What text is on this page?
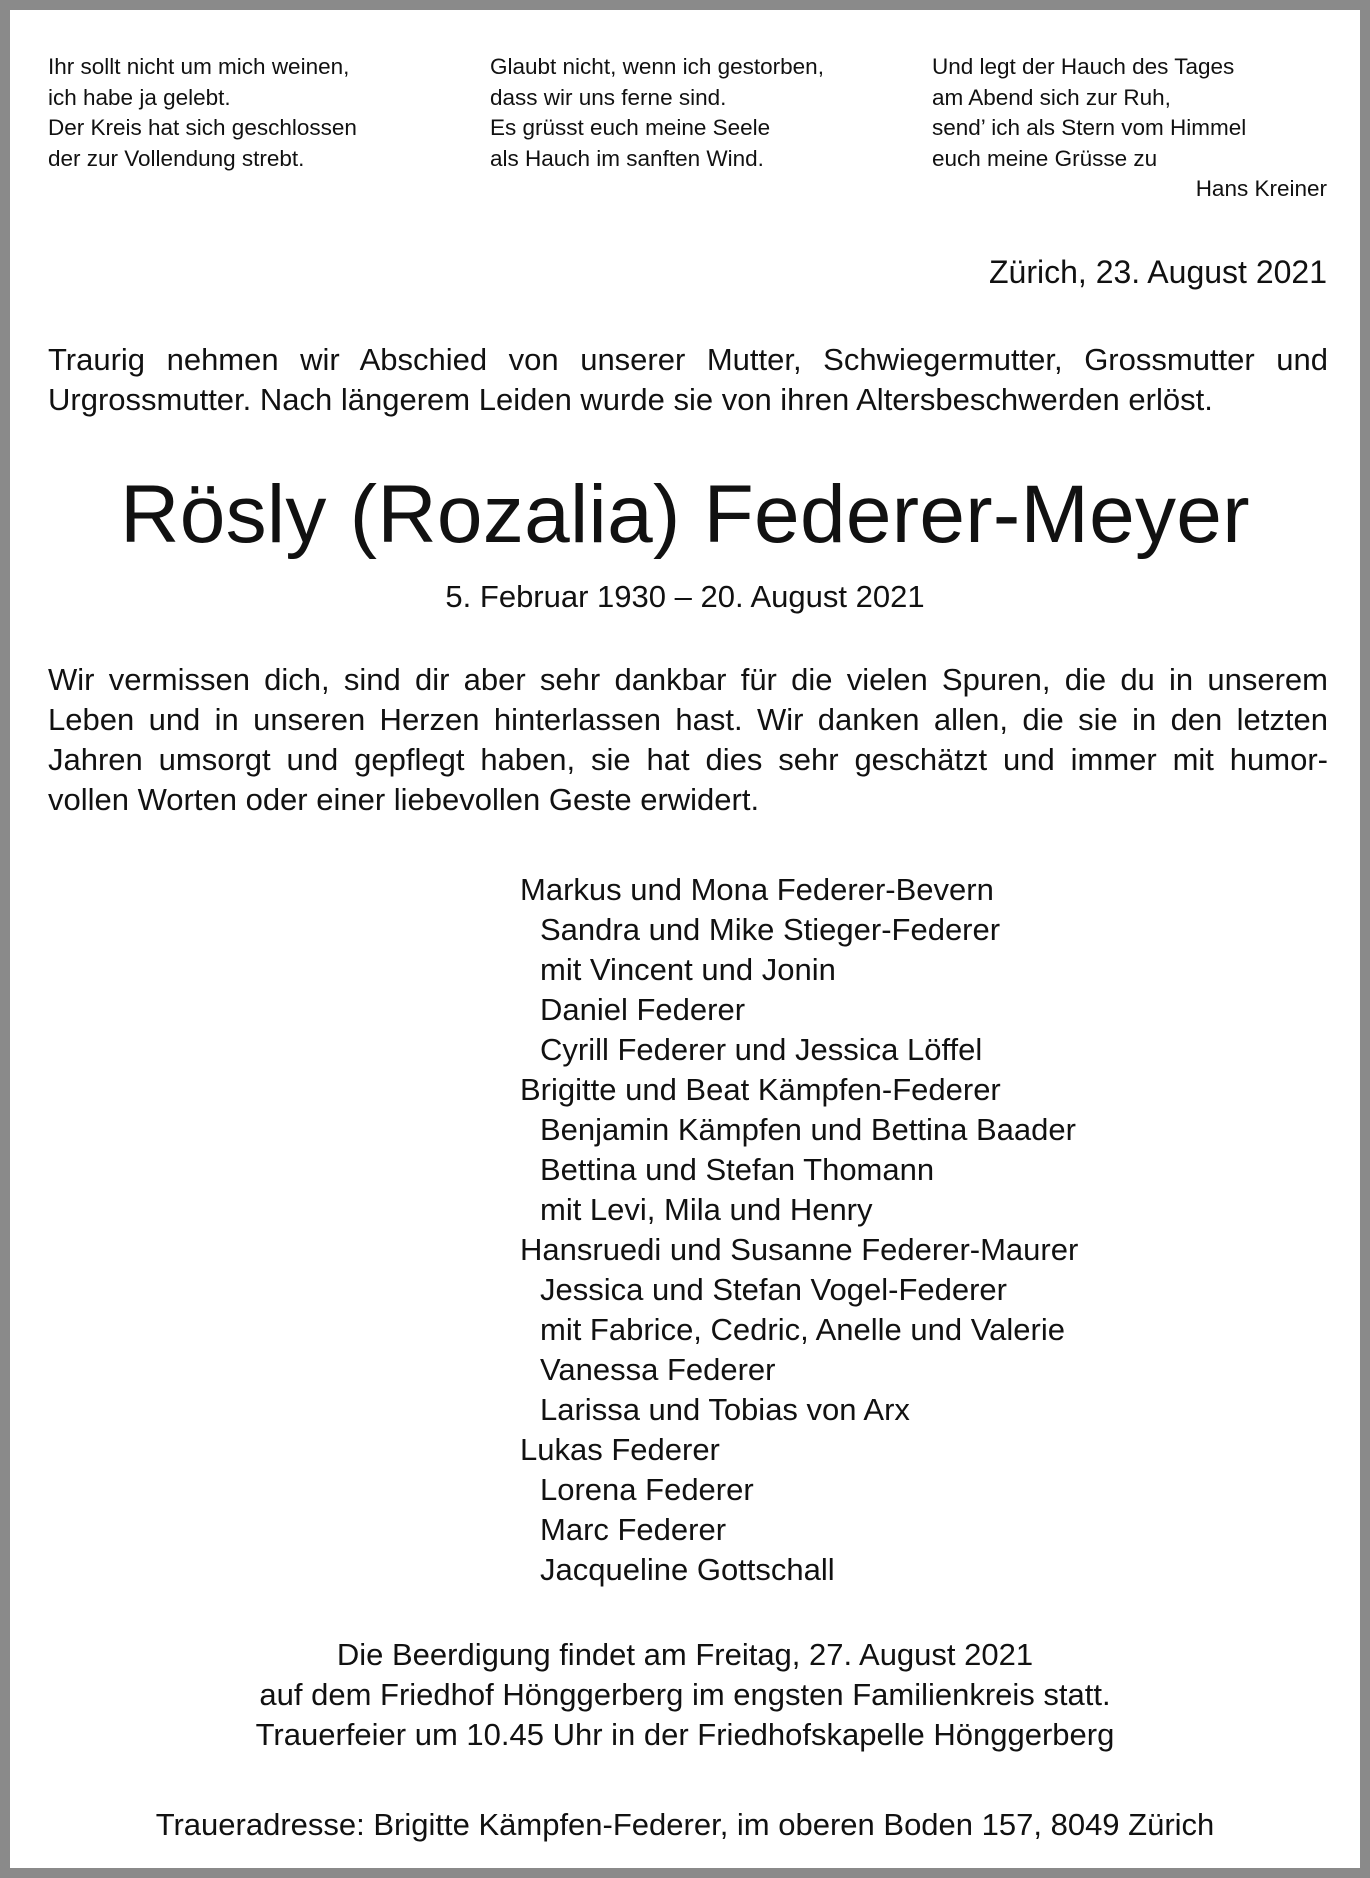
Ihr sollt nicht um mich weinen,
ich habe ja gelebt.
Der Kreis hat sich geschlossen
der zur Vollendung strebt.
Glaubt nicht, wenn ich gestorben,
dass wir uns ferne sind.
Es grüsst euch meine Seele
als Hauch im sanften Wind.
Und legt der Hauch des Tages
am Abend sich zur Ruh,
send’ ich als Stern vom Himmel
euch meine Grüsse zu
Hans Kreiner
Zürich, 23. August 2021
Traurig nehmen wir Abschied von unserer Mutter, Schwiegermutter, Grossmutter und
Urgrossmutter. Nach längerem Leiden wurde sie von ihren Altersbeschwerden erlöst.
Rösly (Rozalia) Federer-Meyer
5. Februar 1930 – 20. August 2021
Wir vermissen dich, sind dir aber sehr dankbar für die vielen Spuren, die du in unserem
Leben und in unseren Herzen hinterlassen hast. Wir danken allen, die sie in den letzten
Jahren umsorgt und gepflegt haben, sie hat dies sehr geschätzt und immer mit humor-
vollen Worten oder einer liebevollen Geste erwidert.
Markus und Mona Federer-Bevern
Sandra und Mike Stieger-Federer
mit Vincent und Jonin
Daniel Federer
Cyrill Federer und Jessica Löffel
Brigitte und Beat Kämpfen-Federer
Benjamin Kämpfen und Bettina Baader
Bettina und Stefan Thomann
mit Levi, Mila und Henry
Hansruedi und Susanne Federer-Maurer
Jessica und Stefan Vogel-Federer
mit Fabrice, Cedric, Anelle und Valerie
Vanessa Federer
Larissa und Tobias von Arx
Lukas Federer
Lorena Federer
Marc Federer
Jacqueline Gottschall
Die Beerdigung findet am Freitag, 27. August 2021
auf dem Friedhof Hönggerberg im engsten Familienkreis statt.
Trauerfeier um 10.45 Uhr in der Friedhofskapelle Hönggerberg
Traueradresse: Brigitte Kämpfen-Federer, im oberen Boden 157, 8049 Zürich
